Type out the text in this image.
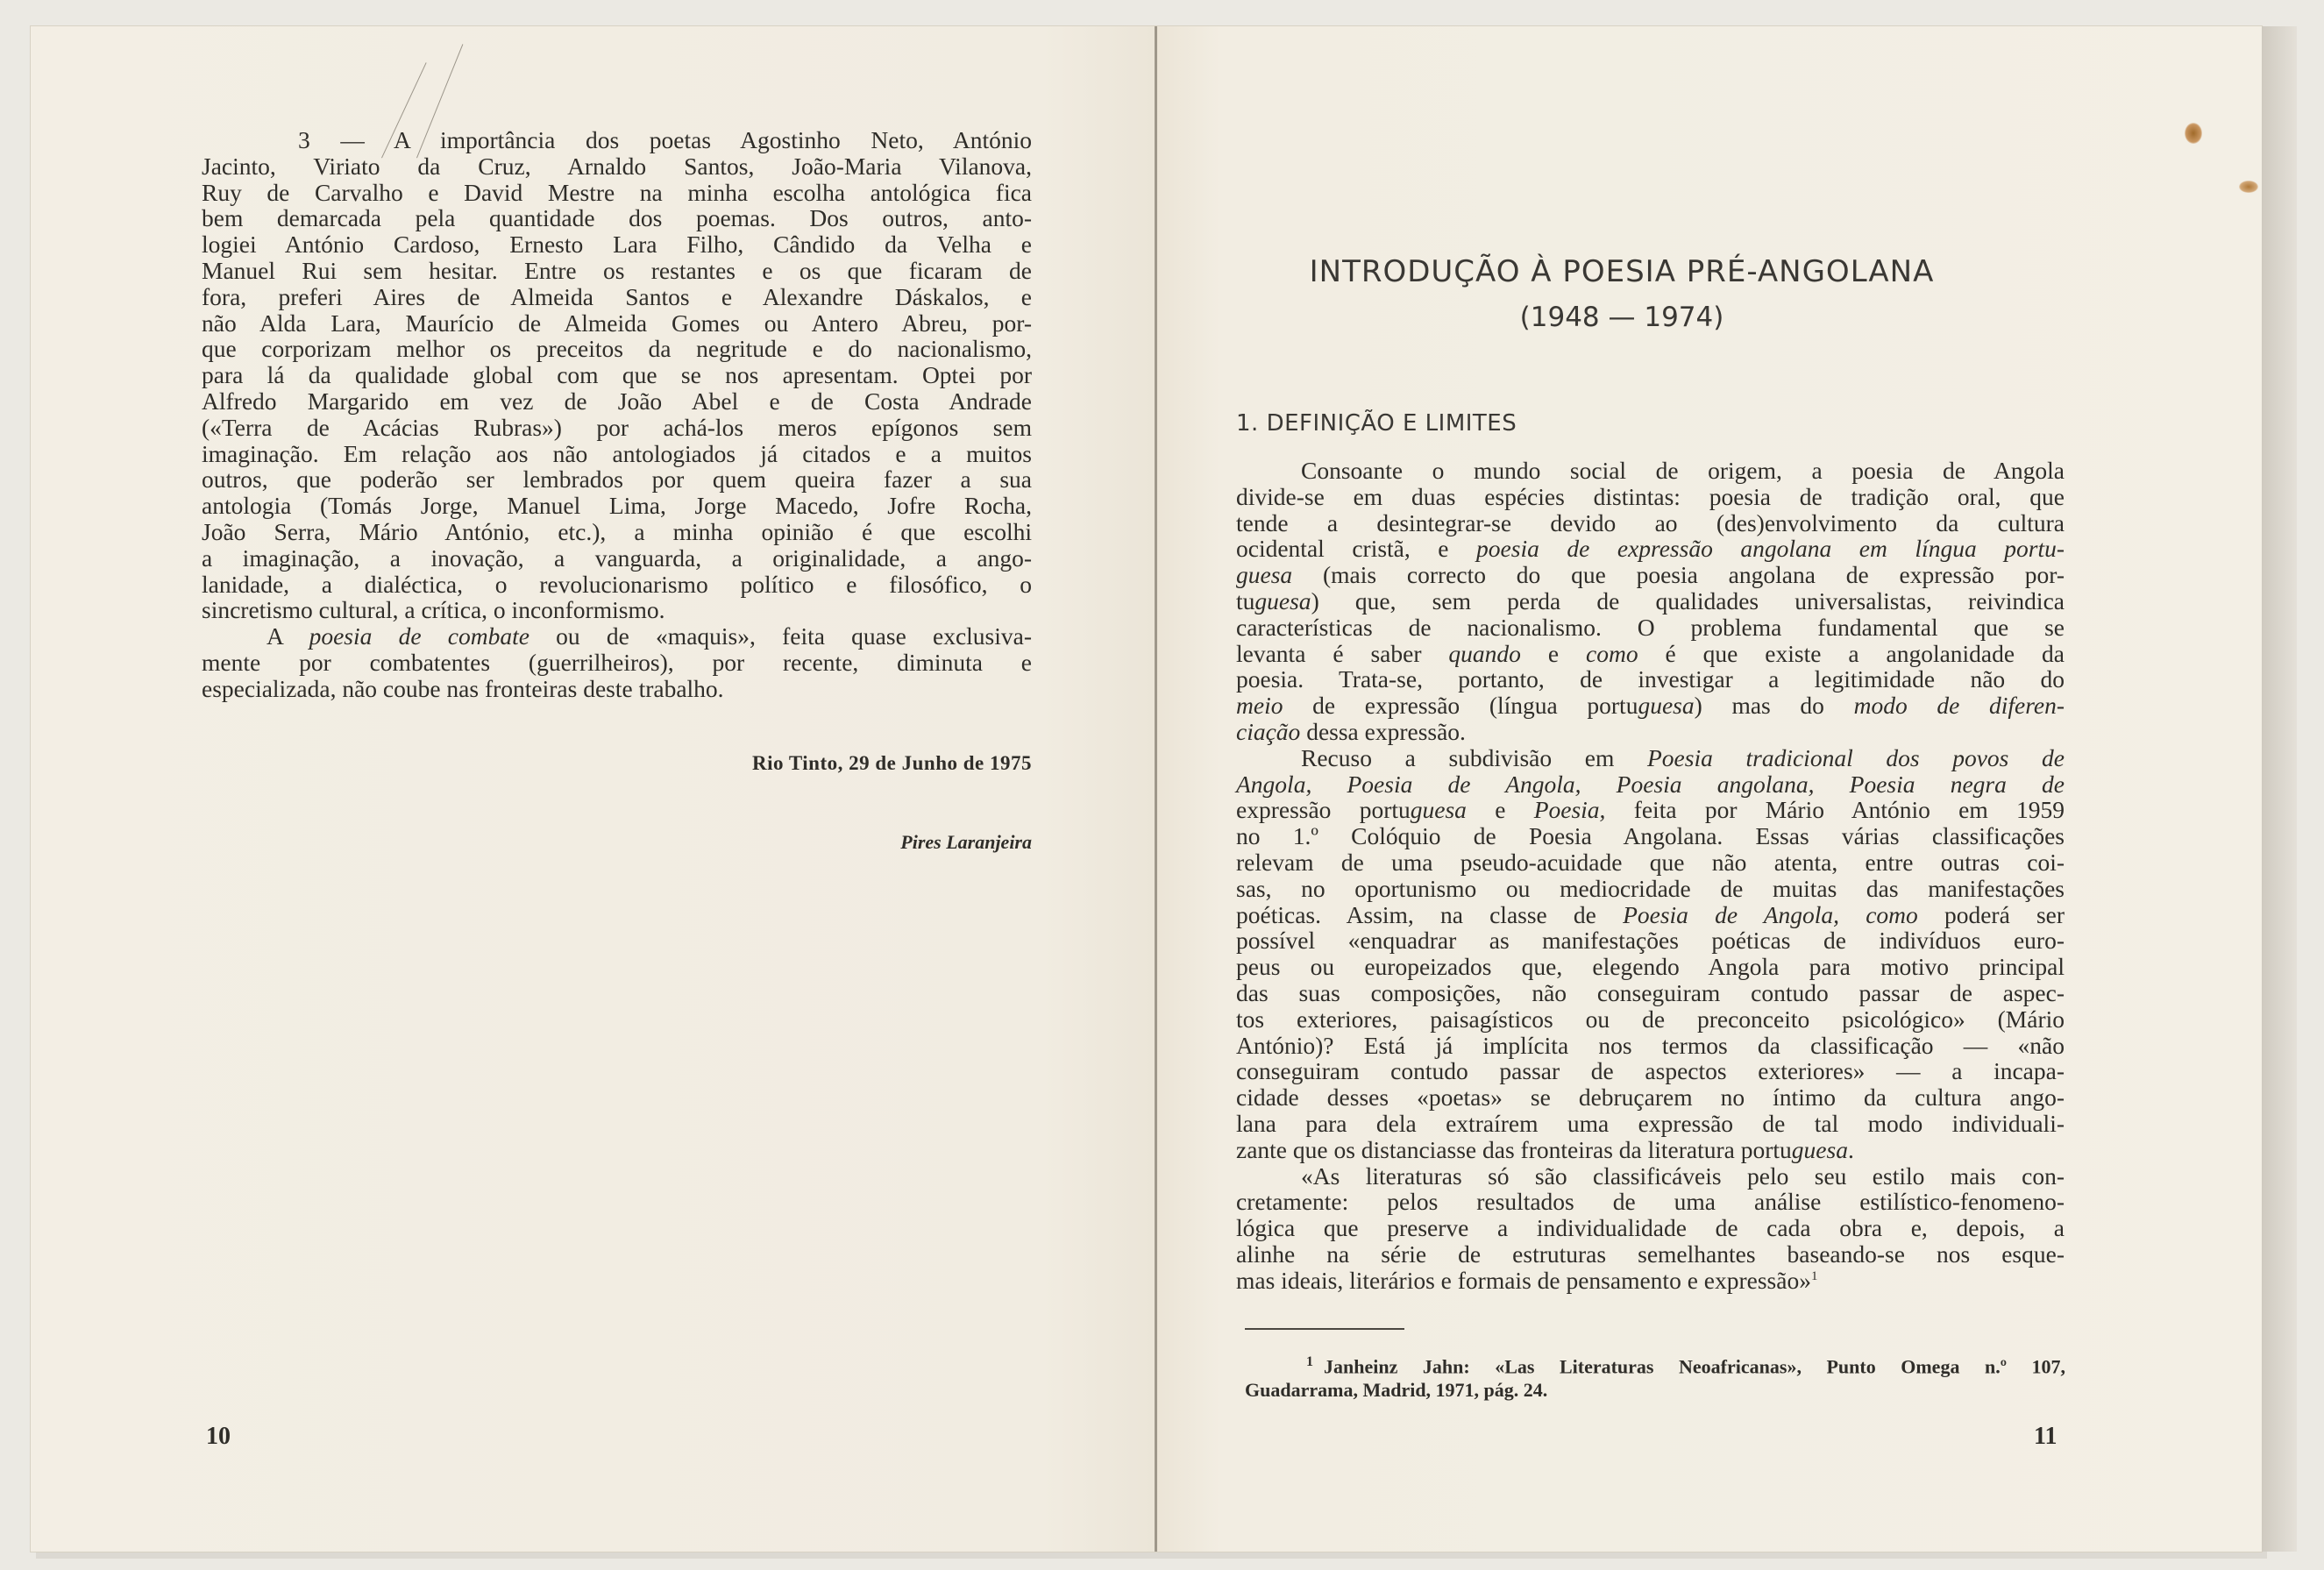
3 — A importância dos poetas Agostinho Neto, António
Jacinto, Viriato da Cruz, Arnaldo Santos, João-Maria Vilanova,
Ruy de Carvalho e David Mestre na minha escolha antológica fica
bem demarcada pela quantidade dos poemas. Dos outros, anto-
logiei António Cardoso, Ernesto Lara Filho, Cândido da Velha e
Manuel Rui sem hesitar. Entre os restantes e os que ficaram de
fora, preferi Aires de Almeida Santos e Alexandre Dáskalos, e
não Alda Lara, Maurício de Almeida Gomes ou Antero Abreu, por-
que corporizam melhor os preceitos da negritude e do nacionalismo,
para lá da qualidade global com que se nos apresentam. Optei por
Alfredo Margarido em vez de João Abel e de Costa Andrade
(«Terra de Acácias Rubras») por achá-los meros epígonos sem
imaginação. Em relação aos não antologiados já citados e a muitos
outros, que poderão ser lembrados por quem queira fazer a sua
antologia (Tomás Jorge, Manuel Lima, Jorge Macedo, Jofre Rocha,
João Serra, Mário António, etc.), a minha opinião é que escolhi
a imaginação, a inovação, a vanguarda, a originalidade, a ango-
lanidade, a dialéctica, o revolucionarismo político e filosófico, o
sincretismo cultural, a crítica, o inconformismo.
A poesia de combate ou de «maquis», feita quase exclusiva-
mente por combatentes (guerrilheiros), por recente, diminuta e
especializada, não coube nas fronteiras deste trabalho.
Rio Tinto, 29 de Junho de 1975
Pires Laranjeira
10
INTRODUÇÃO À POESIA PRÉ-ANGOLANA
(1948 — 1974)
1. DEFINIÇÃO E LIMITES
Consoante o mundo social de origem, a poesia de Angola
divide-se em duas espécies distintas: poesia de tradição oral, que
tende a desintegrar-se devido ao (des)envolvimento da cultura
ocidental cristã, e poesia de expressão angolana em língua portu-
guesa (mais correcto do que poesia angolana de expressão por-
tuguesa) que, sem perda de qualidades universalistas, reivindica
características de nacionalismo. O problema fundamental que se
levanta é saber quando e como é que existe a angolanidade da
poesia. Trata-se, portanto, de investigar a legitimidade não do
meio de expressão (língua portuguesa) mas do modo de diferen-
ciação dessa expressão.
Recuso a subdivisão em Poesia tradicional dos povos de
Angola, Poesia de Angola, Poesia angolana, Poesia negra de
expressão portuguesa e Poesia, feita por Mário António em 1959
no 1.º Colóquio de Poesia Angolana. Essas várias classificações
relevam de uma pseudo-acuidade que não atenta, entre outras coi-
sas, no oportunismo ou mediocridade de muitas das manifestações
poéticas. Assim, na classe de Poesia de Angola, como poderá ser
possível «enquadrar as manifestações poéticas de indivíduos euro-
peus ou europeizados que, elegendo Angola para motivo principal
das suas composições, não conseguiram contudo passar de aspec-
tos exteriores, paisagísticos ou de preconceito psicológico» (Mário
António)? Está já implícita nos termos da classificação — «não
conseguiram contudo passar de aspectos exteriores» — a incapa-
cidade desses «poetas» se debruçarem no íntimo da cultura ango-
lana para dela extraírem uma expressão de tal modo individuali-
zante que os distanciasse das fronteiras da literatura portuguesa.
«As literaturas só são classificáveis pelo seu estilo mais con-
cretamente: pelos resultados de uma análise estilístico-fenomeno-
lógica que preserve a individualidade de cada obra e, depois, a
alinhe na série de estruturas semelhantes baseando-se nos esque-
mas ideais, literários e formais de pensamento e expressão»$^1$
$^1$ Janheinz Jahn: «Las Literaturas Neoafricanas», Punto Omega n.º 107,
Guadarrama, Madrid, 1971, pág. 24.
11
